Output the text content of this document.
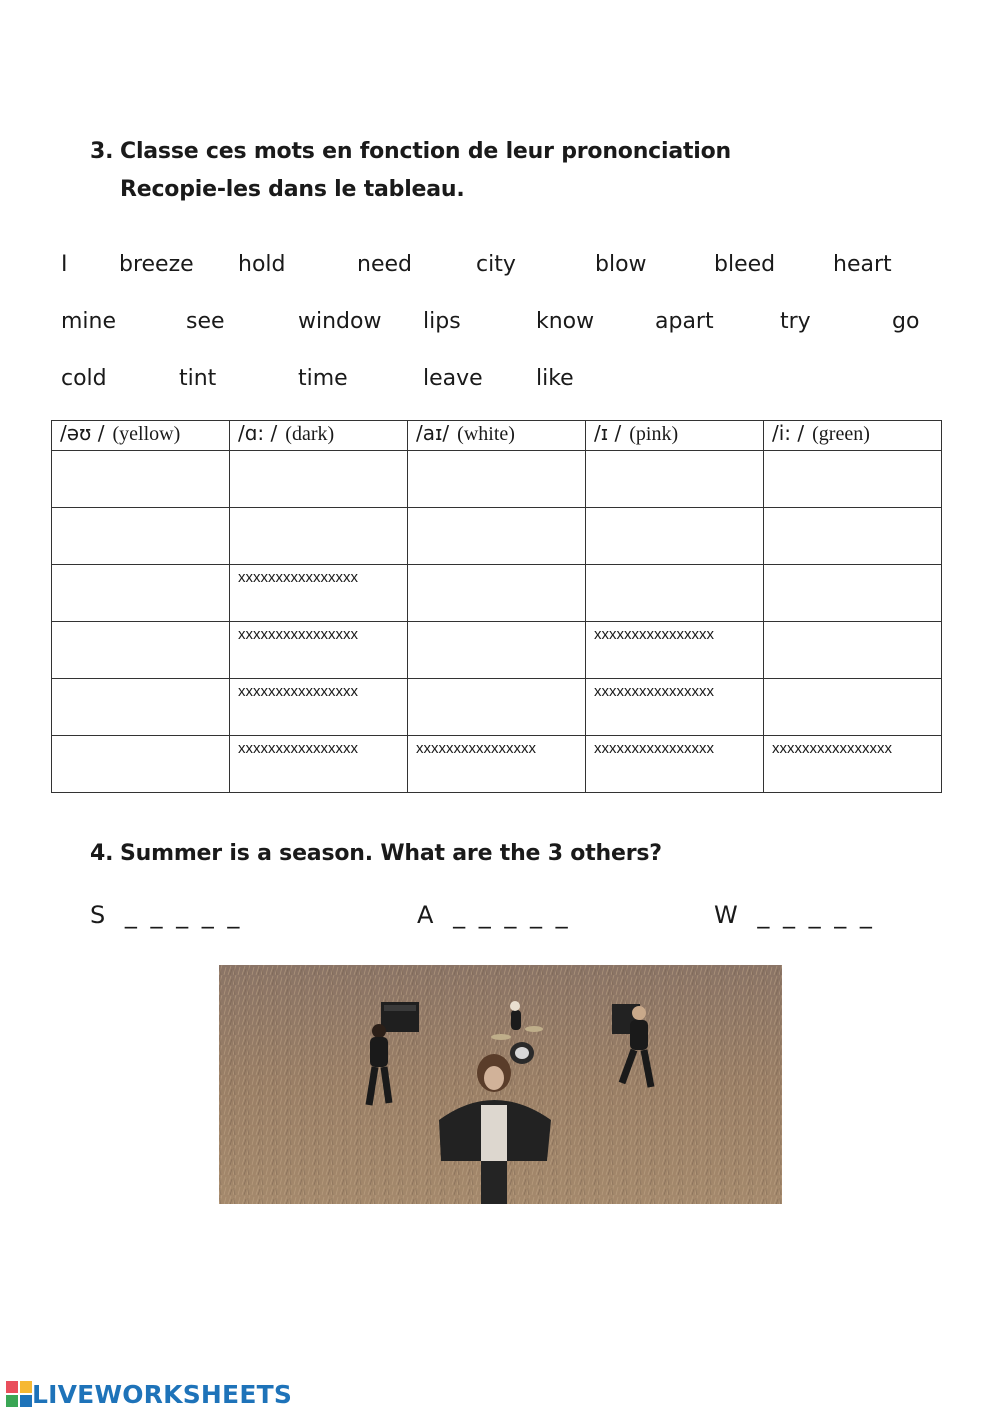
3. Classe ces mots en fonction de leur prononciation
Recopie-les dans le tableau.
I breeze hold	need	city	blow	bleed	heart
mine	see	window lips	know	apart	try	go
cold	tint	time	leave like
/əʊ / (yellow)	/ɑ: / (dark)	/aɪ/ (white)	/ɪ / (pink)	/i: / (green)

	xxxxxxxxxxxxxxxx			

	xxxxxxxxxxxxxxxx		xxxxxxxxxxxxxxxx	

	xxxxxxxxxxxxxxxx		xxxxxxxxxxxxxxxx	

	xxxxxxxxxxxxxxxx	xxxxxxxxxxxxxxxx	xxxxxxxxxxxxxxxx	xxxxxxxxxxxxxxxx
4. Summer is a season. What are the 3 others?
S _ _ _ _ _	A _ _ _ _ _	W _ _ _ _ _
LIVEWORKSHEETS
